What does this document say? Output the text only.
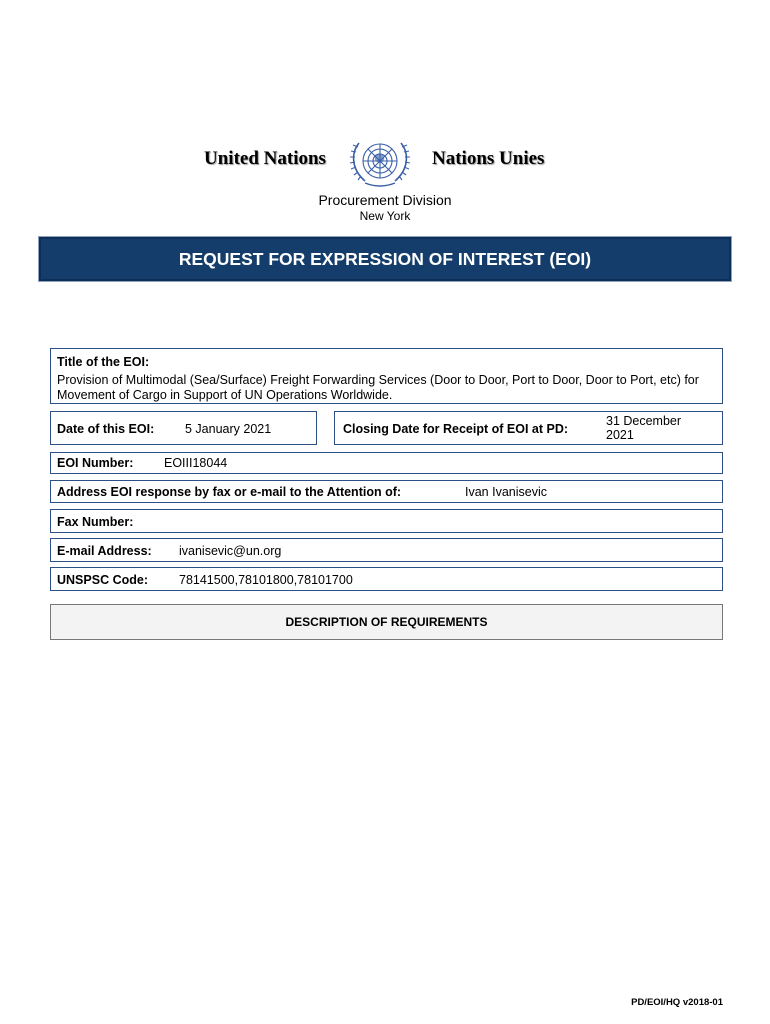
United Nations	Nations Unies
Procurement Division
New York
REQUEST FOR EXPRESSION OF INTEREST (EOI)
Title of the EOI:
Provision of Multimodal (Sea/Surface) Freight Forwarding Services (Door to Door, Port to Door, Door to Port, etc) for Movement of Cargo in Support of UN Operations Worldwide.
Date of this EOI: 5 January 2021	Closing Date for Receipt of EOI at PD:
31 December 2021
EOI Number: EOIII18044
Address EOI response by fax or e-mail to the Attention of:	Ivan Ivanisevic
Fax Number:
E-mail Address: ivanisevic@un.org
UNSPSC Code: 78141500,78101800,78101700
DESCRIPTION OF REQUIREMENTS
PD/EOI/HQ v2018-01
